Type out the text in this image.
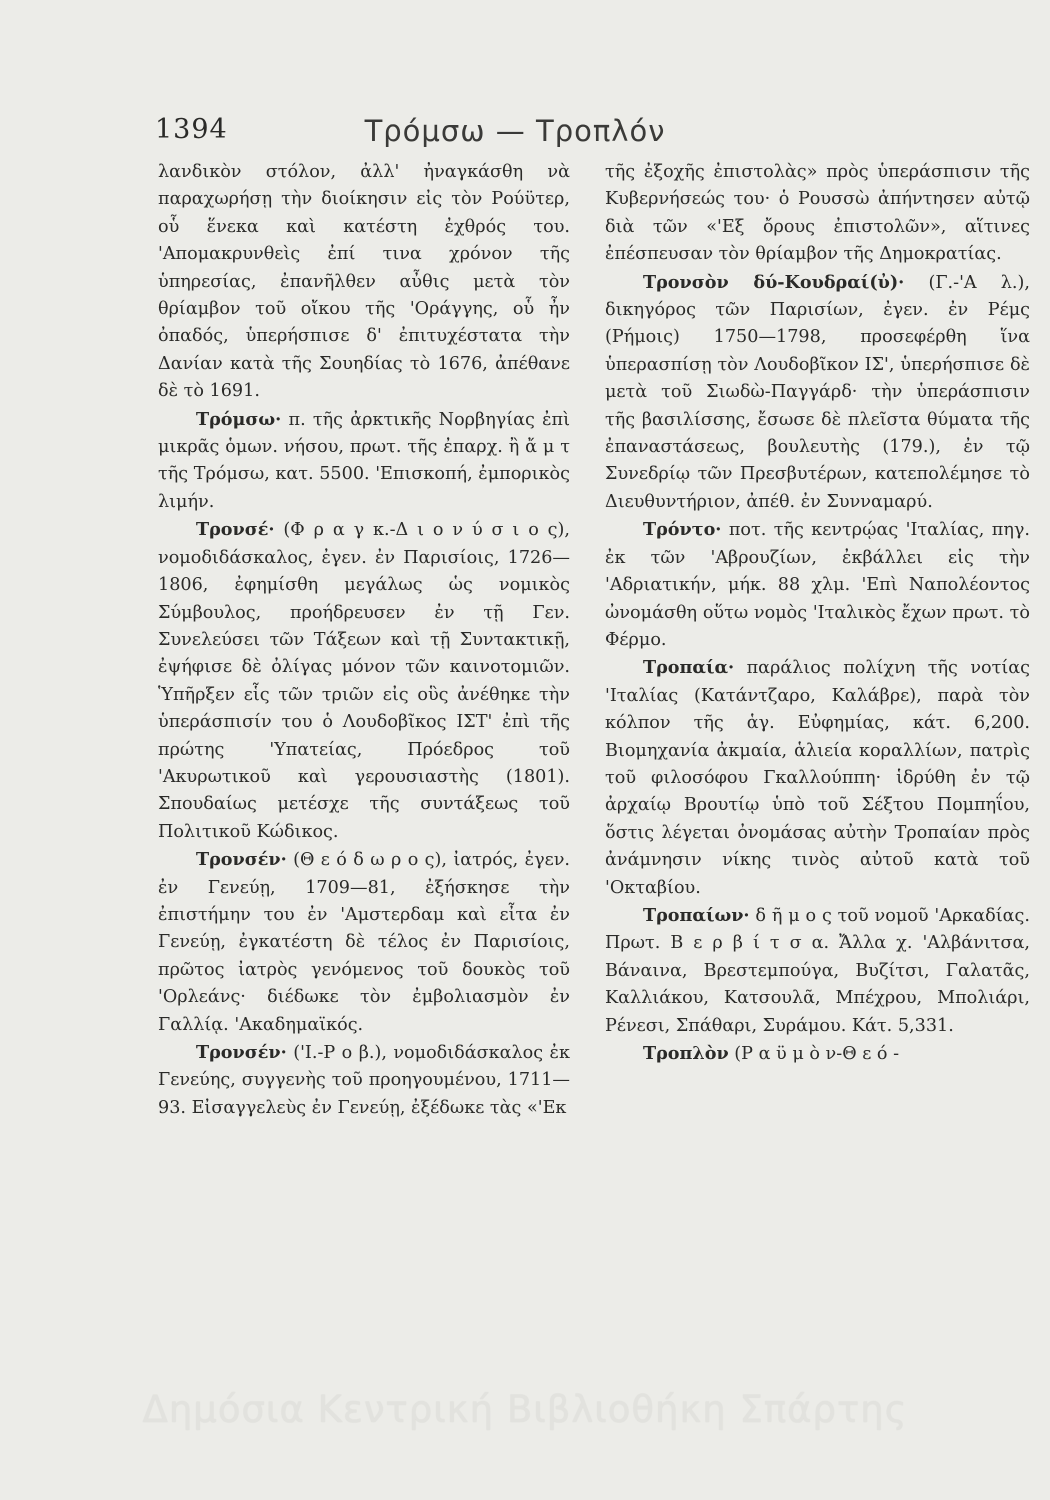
1394	Τρόμσω — Τροπλόν

λανδικὸν στόλον, ἀλλ' ἠναγκάσθη νὰ παραχωρήσῃ τὴν διοίκησιν εἰς τὸν Ρούϋτερ, οὗ ἕνεκα καὶ κατέστη ἐχθρός του. 'Απομακρυνθεὶς ἐπί τινα χρόνον τῆς ὑπηρεσίας, ἐπανῆλθεν αὖθις μετὰ τὸν θρίαμβον τοῦ οἴκου τῆς 'Οράγγης, οὗ ἦν ὀπαδός, ὑπερήσπισε δ' ἐπιτυχέστατα τὴν Δανίαν κατὰ τῆς Σουηδίας τὸ 1676, ἀπέθανε δὲ τὸ 1691.

Τρόμσω· π. τῆς ἀρκτικῆς Νορβηγίας ἐπὶ μικρᾶς ὁμων. νήσου, πρωτ. τῆς ἐπαρχ. ἢ ἄ μ τ τῆς Τρόμσω, κατ. 5500. 'Επισκοπή, ἐμπορικὸς λιμήν.

Τρονσέ· (Φ ρ α γ κ.-Δ ι ο ν ύ σ ι ο ς), νομοδιδάσκαλος, ἐγεν. ἐν Παρισίοις, 1726—1806, ἐφημίσθη μεγάλως ὡς νομικὸς Σύμβουλος, προήδρευσεν ἐν τῇ Γεν. Συνελεύσει τῶν Τάξεων καὶ τῇ Συντακτικῇ, ἐψήφισε δὲ ὀλίγας μόνον τῶν καινοτομιῶν. Ὑπῆρξεν εἷς τῶν τριῶν εἰς οὓς ἀνέθηκε τὴν ὑπεράσπισίν του ὁ Λουδοβῖκος ΙΣΤ' ἐπὶ τῆς πρώτης 'Υπατείας, Πρόεδρος τοῦ 'Ακυρωτικοῦ καὶ γερουσιαστὴς (1801). Σπουδαίως μετέσχε τῆς συντάξεως τοῦ Πολιτικοῦ Κώδικος.

Τρονσέν· (Θ ε ό δ ω ρ ο ς), ἰατρός, ἐγεν. ἐν Γενεύῃ, 1709—81, ἐξήσκησε τὴν ἐπιστήμην του ἐν 'Αμστερδαμ καὶ εἶτα ἐν Γενεύῃ, ἐγκατέστη δὲ τέλος ἐν Παρισίοις, πρῶτος ἰατρὸς γενόμενος τοῦ δουκὸς τοῦ 'Ορλεάνς· διέδωκε τὸν ἐμβολιασμὸν ἐν Γαλλίᾳ. 'Ακαδημαϊκός.

Τρονσέν· ('Ι.-Ρ ο β.), νομοδιδάσκαλος ἐκ Γενεύης, συγγενὴς τοῦ προηγουμένου, 1711—93. Εἰσαγγελεὺς ἐν Γενεύῃ, ἐξέδωκε τὰς «'Εκ

τῆς ἐξοχῆς ἐπιστολὰς» πρὸς ὑπεράσπισιν τῆς Κυβερνήσεώς του· ὁ Ρουσσὼ ἀπήντησεν αὐτῷ διὰ τῶν «'Εξ ὄρους ἐπιστολῶν», αἵτινες ἐπέσπευσαν τὸν θρίαμβον τῆς Δημοκρατίας.

Τρονσὸν δύ-Κουδραί(ὐ)· (Γ.-'Α λ.), δικηγόρος τῶν Παρισίων, ἐγεν. ἐν Ρέμς (Ρήμοις) 1750—1798, προσεφέρθη ἵνα ὑπερασπίσῃ τὸν Λουδοβῖκον ΙΣ', ὑπερήσπισε δὲ μετὰ τοῦ Σιωδὼ-Παγγάρδ· τὴν ὑπεράσπισιν τῆς βασιλίσσης, ἔσωσε δὲ πλεῖστα θύματα τῆς ἐπαναστάσεως, βουλευτὴς (179.), ἐν τῷ Συνεδρίῳ τῶν Πρεσβυτέρων, κατεπολέμησε τὸ Διευθυντήριον, ἀπέθ. ἐν Συνναμαρύ.

Τρόντο· ποτ. τῆς κεντρῴας 'Ιταλίας, πηγ. ἐκ τῶν 'Αβρουζίων, ἐκβάλλει εἰς τὴν 'Αδριατικήν, μήκ. 88 χλμ. 'Επὶ Ναπολέοντος ὠνομάσθη οὕτω νομὸς 'Ιταλικὸς ἔχων πρωτ. τὸ Φέρμο.

Τροπαία· παράλιος πολίχνη τῆς νοτίας 'Ιταλίας (Κατάντζαρο, Καλάβρε), παρὰ τὸν κόλπον τῆς ἁγ. Εὐφημίας, κάτ. 6,200. Βιομηχανία ἀκμαία, ἁλιεία κοραλλίων, πατρὶς τοῦ φιλοσόφου Γκαλλούππη· ἱδρύθη ἐν τῷ ἀρχαίῳ Βρουτίῳ ὑπὸ τοῦ Σέξτου Πομπηΐου, ὅστις λέγεται ὀνομάσας αὐτὴν Τροπαίαν πρὸς ἀνάμνησιν νίκης τινὸς αὐτοῦ κατὰ τοῦ 'Οκταβίου.

Τροπαίων· δ ῆ μ ο ς τοῦ νομοῦ 'Αρκαδίας. Πρωτ. Β ε ρ β ί τ σ α. Ἄλλα χ. 'Αλβάνιτσα, Βάναινα, Βρεστεμπούγα, Βυζίτσι, Γαλατᾶς, Καλλιάκου, Κατσουλᾶ, Μπέχρου, Μπολιάρι, Ρένεσι, Σπάθαρι, Συράμου. Κάτ. 5,331.

Τροπλὸν (Ρ α ϋ μ ὸ ν-Θ ε ό -

Δημόσια Κεντρική Βιβλιοθήκη Σπάρτης
